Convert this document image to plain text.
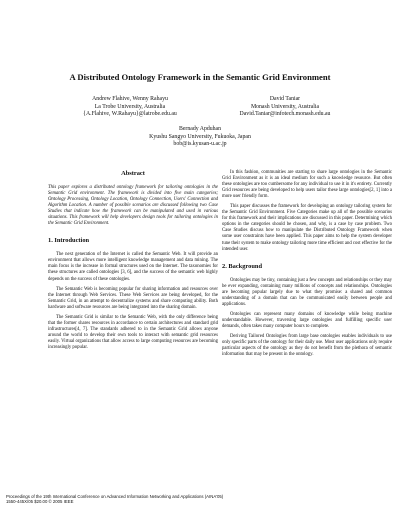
A Distributed Ontology Framework in the Semantic Grid Environment
Andrew Flahive, Wenny Rahayu
La Trobe University, Australia
{A.Flahive, W.Rahayu}@latrobe.edu.au
David Taniar
Monash University, Australia
David.Taniar@infotech.monash.edu.au
Bernady Apduhan
Kyushu Sangyo University, Fukuoka, Japan
bob@is.kyusan-u.ac.jp
Abstract
This paper explores a distributed ontology framework for tailoring ontologies in the Semantic Grid environment. The framework is divided into five main categories; Ontology Processing, Ontology Location, Ontology Connection, Users' Connection and Algorithm Location. A number of possible scenarios are discussed following two Case Studies that indicate how the framework can be manipulated and used in various situations. This framework will help developers design tools for tailoring ontologies in the Semantic Grid Environment.
1. Introduction

The next generation of the Internet is called the Semantic Web. It will provide an environment that allows more intelligent knowledge management and data mining. The main focus is the increase in formal structures used on the Internet. The taxonomies for these structures are called ontologies [3, 6], and the success of the semantic web highly depends on the success of these ontologies.

The Semantic Web is becoming popular for sharing information and resources over the Internet through Web Services. These Web Services are being developed, for the Semantic Grid, in an attempt to decentralize systems and share computing ability. Both hardware and software resources are being integrated into the sharing domain.

The Semantic Grid is similar to the Semantic Web, with the only difference being that the former shares resources in accordance to certain architectures and standard grid infrastructures[4, 7]. The standards adhered to in the Semantic Grid allows anyone around the world to develop their own tools to interact with semantic grid resources easily. Virtual organizations that allow access to large computing resources are becoming increasingly popular.

In this fashion, communities are starting to share large ontologies in the Semantic Grid Environment as it is an ideal medium for such a knowledge resource. But often these ontologies are too cumbersome for any individual to use it in it's entirety. Currently Grid resources are being developed to help users tailor these large ontologies[2, 1] into a more user friendly form.

This paper discusses the framework for developing an ontology tailoring system for the Semantic Grid Environment. Five Categories make up all of the possible scenarios for this framework and their implications are discussed in this paper. Determining which options in the categories should be chosen, and why, is a case by case problem. Two Case Studies discuss how to manipulate the Distributed Ontology Framework when some user constraints have been applied. This paper aims to help the system developer tune their system to make ontology tailoring more time efficient and cost effective for the intended user.

2. Background

Ontologies may be tiny, containing just a few concepts and relationships or they may be ever expanding, containing many millions of concepts and relationships. Ontologies are becoming popular largely due to what they promise: a shared and common understanding of a domain that can be communicated easily between people and applications.

Ontologies can represent many domains of knowledge while being machine understandable. However, traversing large ontologies and fulfilling specific user demands, often takes many computer hours to complete.

Deriving Tailored Ontologies from large base ontologies enables individuals to use only specific parts of the ontology for their daily use. Most user applications only require particular aspects of the ontology as they do not benefit from the plethora of semantic information that may be present in the ontology.

Proceedings of the 19th International Conference on Advanced Information Networking and Applications (AINA'05)
1550-445X/05 $20.00 © 2005 IEEE
